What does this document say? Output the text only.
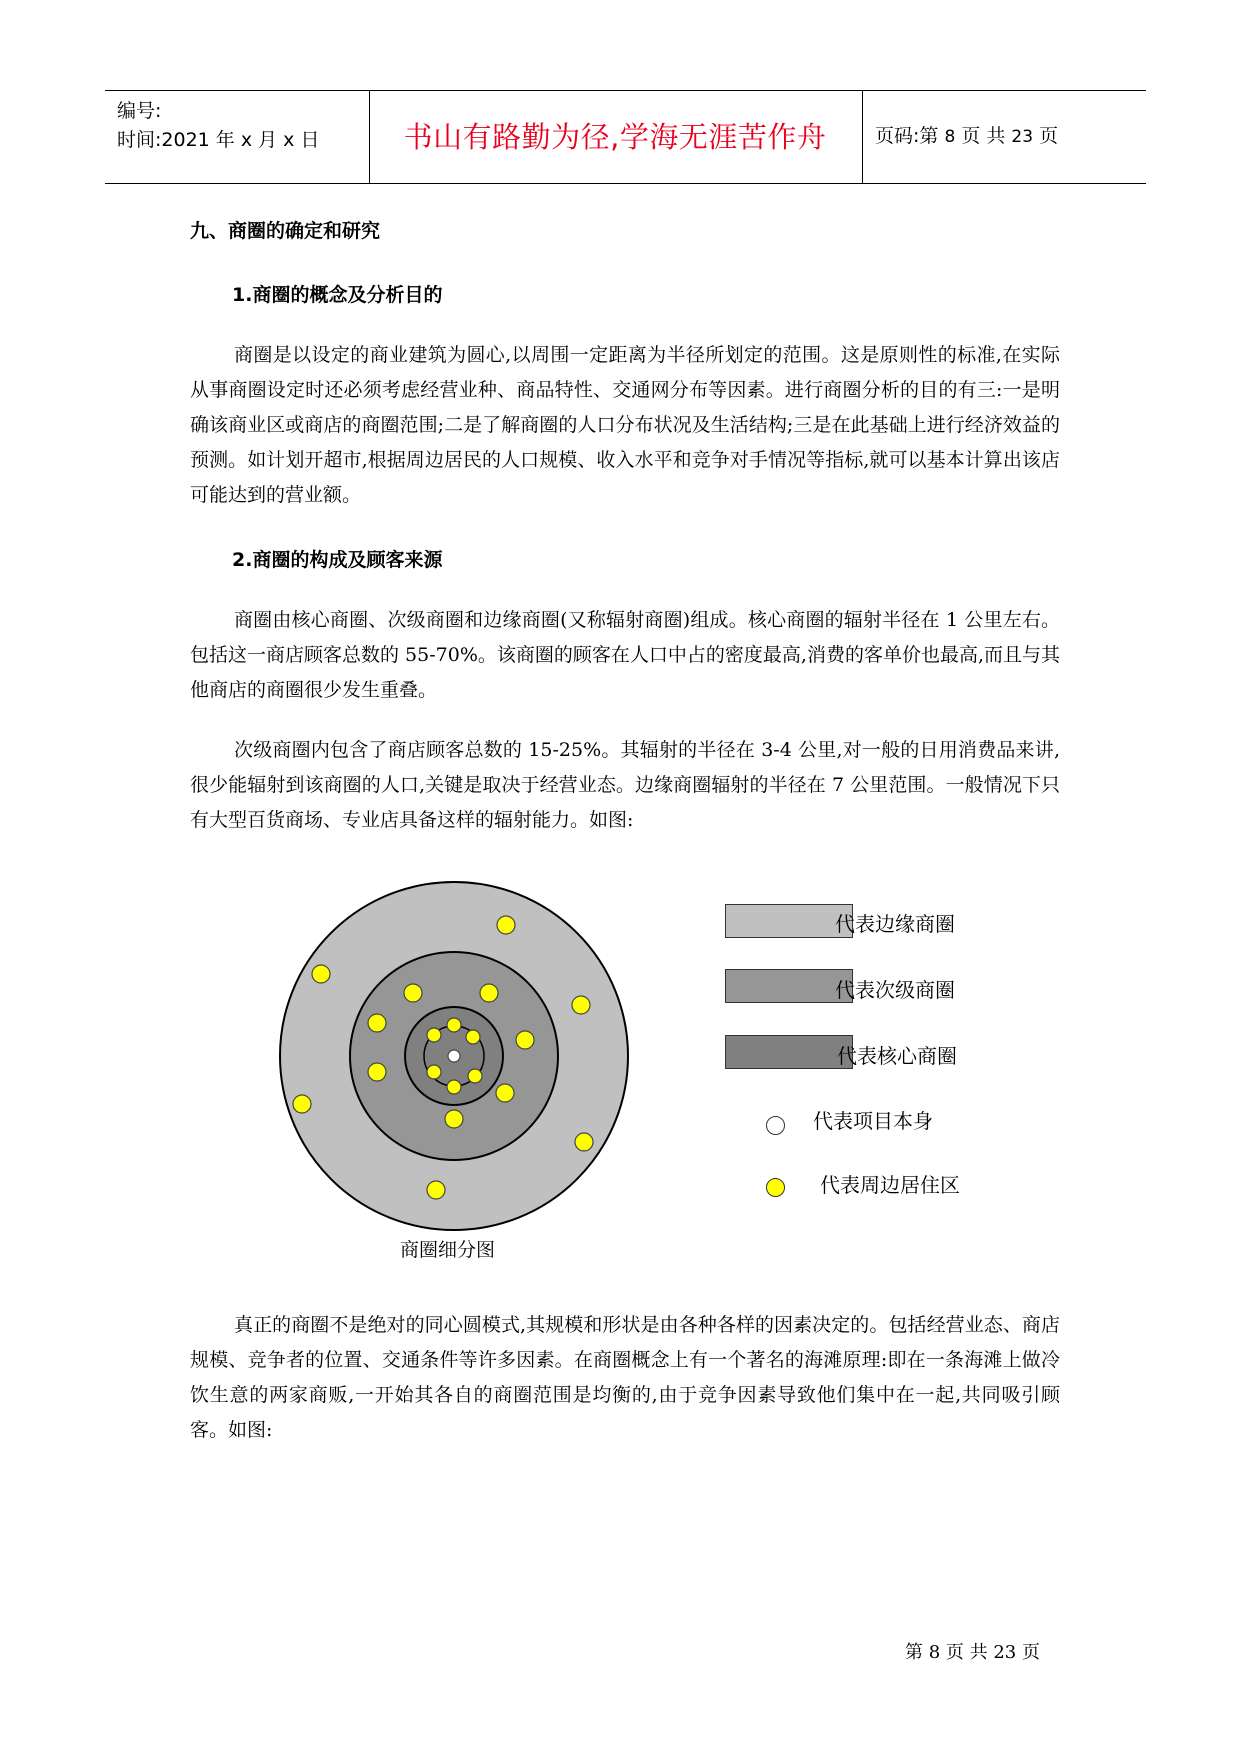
编号:
时间:2021 年 x 月 x 日	书山有路勤为径,学海无涯苦作舟	页码:第 8 页 共 23 页
九、商圈的确定和研究
1.商圈的概念及分析目的
商圈是以设定的商业建筑为圆心,以周围一定距离为半径所划定的范围。这是原则性的标准,在实际从事商圈设定时还必须考虑经营业种、商品特性、交通网分布等因素。进行商圈分析的目的有三:一是明确该商业区或商店的商圈范围;二是了解商圈的人口分布状况及生活结构;三是在此基础上进行经济效益的预测。如计划开超市,根据周边居民的人口规模、收入水平和竞争对手情况等指标,就可以基本计算出该店可能达到的营业额。
2.商圈的构成及顾客来源
商圈由核心商圈、次级商圈和边缘商圈(又称辐射商圈)组成。核心商圈的辐射半径在 1 公里左右。包括这一商店顾客总数的 55-70%。该商圈的顾客在人口中占的密度最高,消费的客单价也最高,而且与其他商店的商圈很少发生重叠。
次级商圈内包含了商店顾客总数的 15-25%。其辐射的半径在 3-4 公里,对一般的日用消费品来讲,很少能辐射到该商圈的人口,关键是取决于经营业态。边缘商圈辐射的半径在 7 公里范围。一般情况下只有大型百货商场、专业店具备这样的辐射能力。如图:
商圈细分图
代表边缘商圈
代表次级商圈
代表核心商圈
代表项目本身
代表周边居住区
真正的商圈不是绝对的同心圆模式,其规模和形状是由各种各样的因素决定的。包括经营业态、商店规模、竞争者的位置、交通条件等许多因素。在商圈概念上有一个著名的海滩原理:即在一条海滩上做冷饮生意的两家商贩,一开始其各自的商圈范围是均衡的,由于竞争因素导致他们集中在一起,共同吸引顾客。如图:
第 8 页 共 23 页
